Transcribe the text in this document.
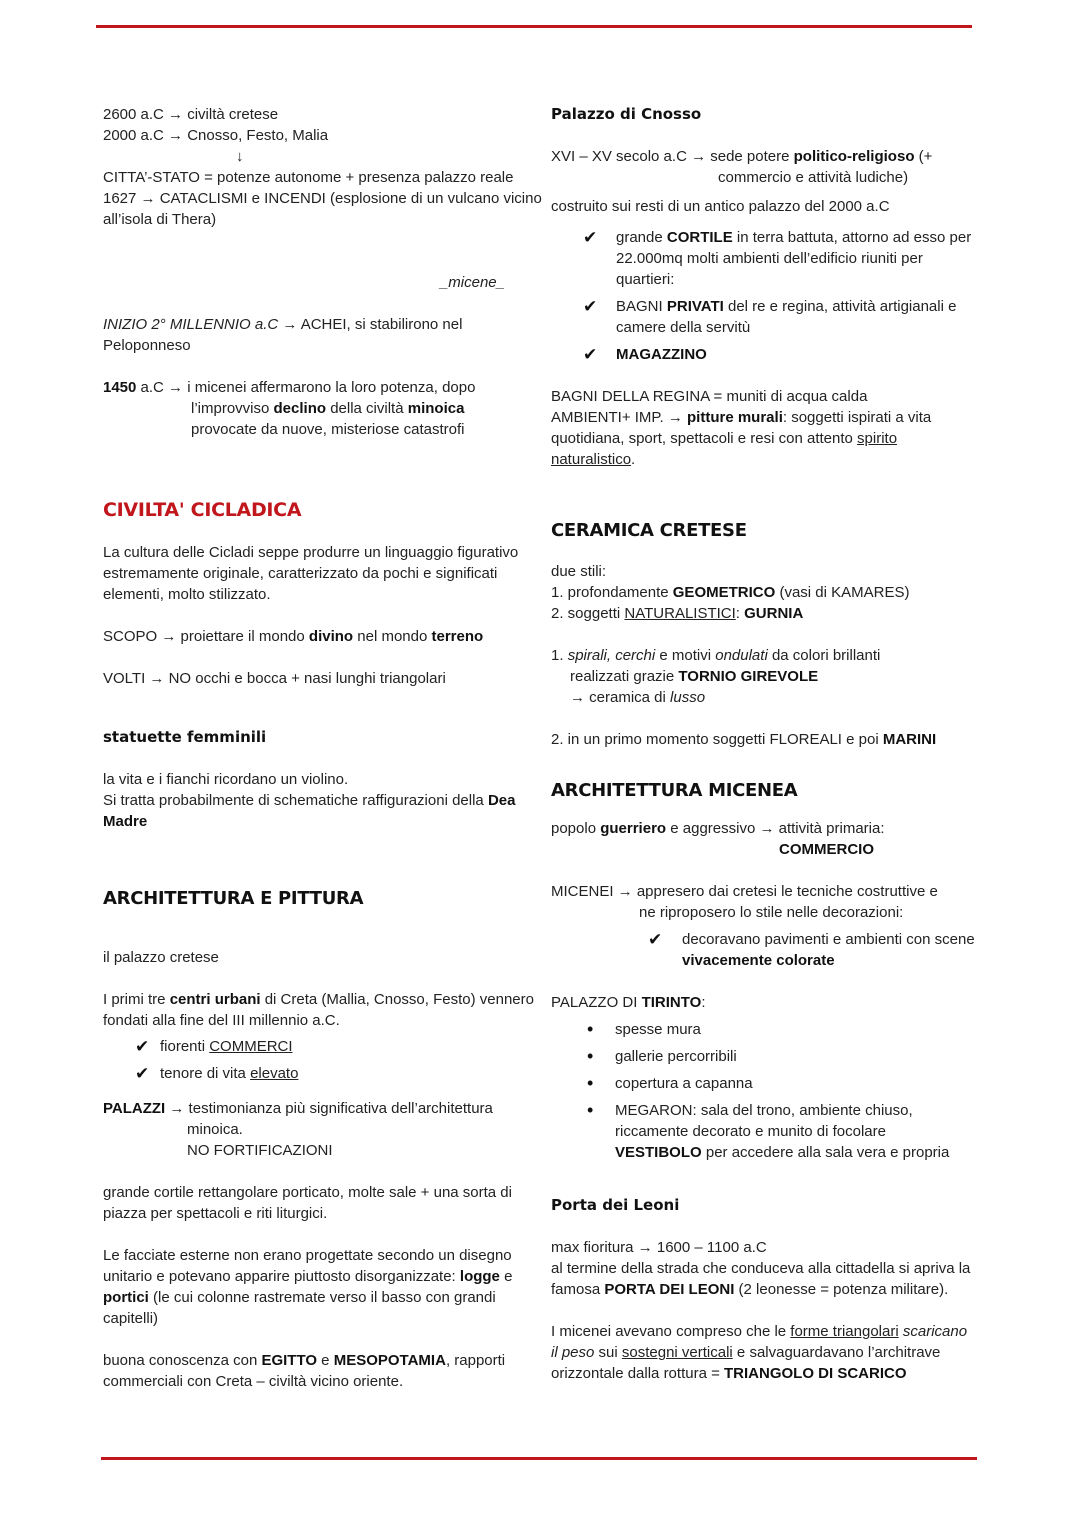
2600 a.C → civiltà cretese

2000 a.C → Cnosso, Festo, Malia

↓

CITTA’-STATO = potenze autonome + presenza palazzo reale

1627 → CATACLISMI e INCENDI (esplosione di un vulcano vicino all’isola di Thera)

_micene_

INIZIO 2° MILLENNIO a.C → ACHEI, si stabilirono nel Peloponneso

1450 a.C → i micenei affermarono la loro potenza, dopo

l’improvviso declino della civiltà minoica

provocate da nuove, misteriose catastrofi

CIVILTA' CICLADICA

La cultura delle Cicladi seppe produrre un linguaggio figurativo estremamente originale, caratterizzato da pochi e significati elementi, molto stilizzato.

SCOPO → proiettare il mondo divino nel mondo terreno

VOLTI → NO occhi e bocca + nasi lunghi triangolari

statuette femminili

la vita e i fianchi ricordano un violino.

Si tratta probabilmente di schematiche raffigurazioni della Dea Madre

ARCHITETTURA E PITTURA

il palazzo cretese

I primi tre centri urbani di Creta (Mallia, Cnosso, Festo) vennero fondati alla fine del III millennio a.C.

✔ fiorenti COMMERCI
✔ tenore di vita elevato

PALAZZI → testimonianza più significativa dell’architettura

minoica.

NO FORTIFICAZIONI

grande cortile rettangolare porticato, molte sale + una sorta di piazza per spettacoli e riti liturgici.

Le facciate esterne non erano progettate secondo un disegno unitario e potevano apparire piuttosto disorganizzate: logge e portici (le cui colonne rastremate verso il basso con grandi capitelli)

buona conoscenza con EGITTO e MESOPOTAMIA, rapporti commerciali con Creta – civiltà vicino oriente.

Palazzo di Cnosso

XVI – XV secolo a.C → sede potere politico-religioso (+

commercio e attività ludiche)

costruito sui resti di un antico palazzo del 2000 a.C

✔	grande CORTILE in terra battuta, attorno ad esso per 22.000mq molti ambienti dell’edificio riuniti per quartieri:
✔	BAGNI PRIVATI del re e regina, attività artigianali e camere della servitù
✔	MAGAZZINO

BAGNI DELLA REGINA = muniti di acqua calda

AMBIENTI+ IMP. → pitture murali: soggetti ispirati a vita quotidiana, sport, spettacoli e resi con attento spirito naturalistico.

CERAMICA CRETESE

due stili:

1. profondamente GEOMETRICO (vasi di KAMARES)

2. soggetti NATURALISTICI: GURNIA

1. spirali, cerchi e motivi ondulati da colori brillanti

realizzati grazie TORNIO GIREVOLE

→ ceramica di lusso

2. in un primo momento soggetti FLOREALI e poi MARINI

ARCHITETTURA MICENEA

popolo guerriero e aggressivo → attività primaria:

COMMERCIO

MICENEI → appresero dai cretesi le tecniche costruttive e

ne riproposero lo stile nelle decorazioni:

✔	decoravano pavimenti e ambienti con scene vivacemente colorate

PALAZZO DI TIRINTO:

•	spesse mura
•	gallerie percorribili
•	copertura a capanna
•	MEGARON: sala del trono, ambiente chiuso, riccamente decorato e munito di focolare VESTIBOLO per accedere alla sala vera e propria

Porta dei Leoni

max fioritura → 1600 – 1100 a.C

al termine della strada che conduceva alla cittadella si apriva la famosa PORTA DEI LEONI (2 leonesse = potenza militare).

I micenei avevano compreso che le forme triangolari scaricano il peso sui sostegni verticali e salvaguardavano l’architrave orizzontale dalla rottura = TRIANGOLO DI SCARICO
